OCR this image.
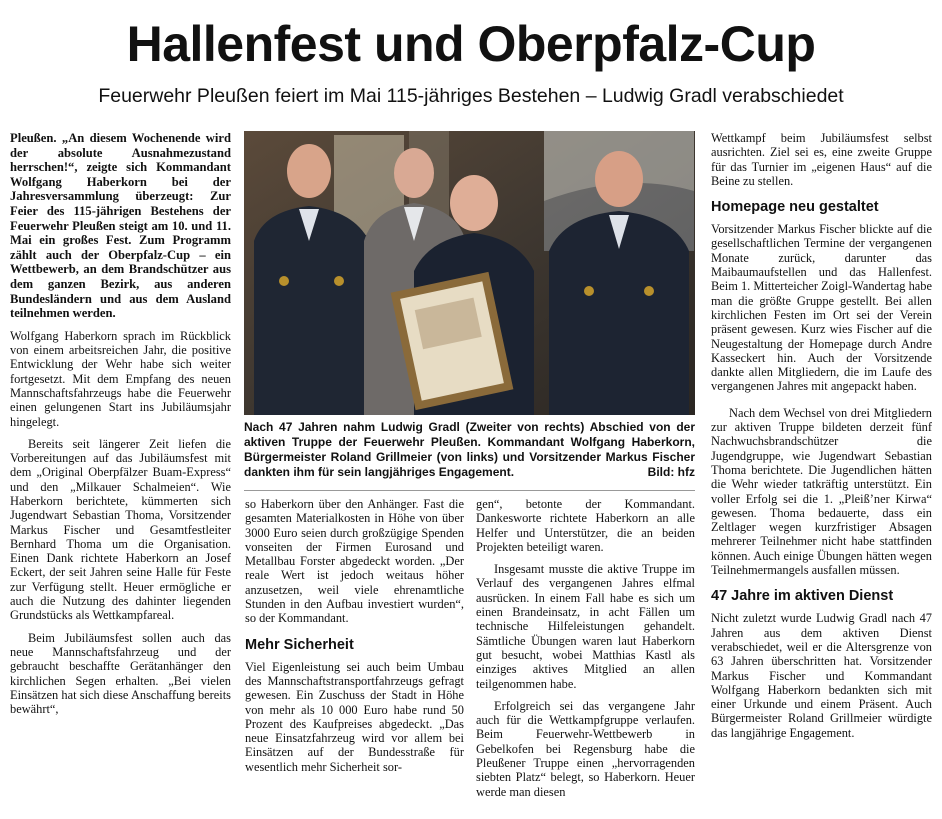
Hallenfest und Oberpfalz-Cup
Feuerwehr Pleußen feiert im Mai 115-jähriges Bestehen – Ludwig Gradl verabschiedet

Pleußen. „An diesem Wochenende wird der absolute Ausnahmezustand herrschen!“, zeigte sich Kommandant Wolfgang Haberkorn bei der Jahresversammlung überzeugt: Zur Feier des 115-jährigen Bestehens der Feuerwehr Pleußen steigt am 10. und 11. Mai ein großes Fest. Zum Programm zählt auch der Oberpfalz-Cup – ein Wettbewerb, an dem Brandschützer aus dem ganzen Bezirk, aus anderen Bundesländern und aus dem Ausland teilnehmen werden.

Wolfgang Haberkorn sprach im Rückblick von einem arbeitsreichen Jahr, die positive Entwicklung der Wehr habe sich weiter fortgesetzt. Mit dem Empfang des neuen Mannschaftsfahrzeugs habe die Feuerwehr einen gelungenen Start ins Jubiläumsjahr hingelegt.

Bereits seit längerer Zeit liefen die Vorbereitungen auf das Jubiläumsfest mit dem „Original Oberpfälzer Buam-Express“ und den „Milkauer Schalmeien“. Wie Haberkorn berichtete, kümmerten sich Jugendwart Sebastian Thoma, Vorsitzender Markus Fischer und Gesamtfestleiter Bernhard Thoma um die Organisation. Einen Dank richtete Haberkorn an Josef Eckert, der seit Jahren seine Halle für Feste zur Verfügung stellt. Heuer ermögliche er auch die Nutzung des dahinter liegenden Grundstücks als Wettkampfareal.

Beim Jubiläumsfest sollen auch das neue Mannschaftsfahrzeug und der gebraucht beschaffte Gerätanhänger den kirchlichen Segen erhalten. „Bei vielen Einsätzen hat sich diese Anschaffung bereits bewährt“,

Nach 47 Jahren nahm Ludwig Gradl (Zweiter von rechts) Abschied von der aktiven Truppe der Feuerwehr Pleußen. Kommandant Wolfgang Haberkorn, Bürgermeister Roland Grillmeier (von links) und Vorsitzender Markus Fischer dankten ihm für sein langjähriges Engagement.	Bild: hfz

so Haberkorn über den Anhänger. Fast die gesamten Materialkosten in Höhe von über 3000 Euro seien durch großzügige Spenden vonseiten der Firmen Eurosand und Metallbau Forster abgedeckt worden. „Der reale Wert ist jedoch weitaus höher anzusetzen, weil viele ehrenamtliche Stunden in den Aufbau investiert wurden“, so der Kommandant.

Mehr Sicherheit

Viel Eigenleistung sei auch beim Umbau des Mannschaftstransportfahrzeugs gefragt gewesen. Ein Zuschuss der Stadt in Höhe von mehr als 10 000 Euro habe rund 50 Prozent des Kaufpreises abgedeckt. „Das neue Einsatzfahrzeug wird vor allem bei Einsätzen auf der Bundesstraße für wesentlich mehr Sicherheit sor-

gen“, betonte der Kommandant. Dankesworte richtete Haberkorn an alle Helfer und Unterstützer, die an beiden Projekten beteiligt waren.

Insgesamt musste die aktive Truppe im Verlauf des vergangenen Jahres elfmal ausrücken. In einem Fall habe es sich um einen Brandeinsatz, in acht Fällen um technische Hilfeleistungen gehandelt. Sämtliche Übungen waren laut Haberkorn gut besucht, wobei Matthias Kastl als einziges aktives Mitglied an allen teilgenommen habe.

Erfolgreich sei das vergangene Jahr auch für die Wettkampfgruppe verlaufen. Beim Feuerwehr-Wettbewerb in Gebelkofen bei Regensburg habe die Pleußener Truppe einen „hervorragenden siebten Platz“ belegt, so Haberkorn. Heuer werde man diesen

Wettkampf beim Jubiläumsfest selbst ausrichten. Ziel sei es, eine zweite Gruppe für das Turnier im „eigenen Haus“ auf die Beine zu stellen.

Homepage neu gestaltet

Vorsitzender Markus Fischer blickte auf die gesellschaftlichen Termine der vergangenen Monate zurück, darunter das Maibaumaufstellen und das Hallenfest. Beim 1. Mitterteicher Zoigl-Wandertag habe man die größte Gruppe gestellt. Bei allen kirchlichen Festen im Ort sei der Verein präsent gewesen. Kurz wies Fischer auf die Neugestaltung der Homepage durch Andre Kasseckert hin. Auch der Vorsitzende dankte allen Mitgliedern, die im Laufe des vergangenen Jahres mit angepackt haben.

Nach dem Wechsel von drei Mitgliedern zur aktiven Truppe bildeten derzeit fünf Nachwuchsbrandschützer die Jugendgruppe, wie Jugendwart Sebastian Thoma berichtete. Die Jugendlichen hätten die Wehr wieder tatkräftig unterstützt. Ein voller Erfolg sei die 1. „Pleiß’ner Kirwa“ gewesen. Thoma bedauerte, dass ein Zeltlager wegen kurzfristiger Absagen mehrerer Teilnehmer nicht habe stattfinden können. Auch einige Übungen hätten wegen Teilnehmermangels ausfallen müssen.

47 Jahre im aktiven Dienst

Nicht zuletzt wurde Ludwig Gradl nach 47 Jahren aus dem aktiven Dienst verabschiedet, weil er die Altersgrenze von 63 Jahren überschritten hat. Vorsitzender Markus Fischer und Kommandant Wolfgang Haberkorn bedankten sich mit einer Urkunde und einem Präsent. Auch Bürgermeister Roland Grillmeier würdigte das langjährige Engagement.
